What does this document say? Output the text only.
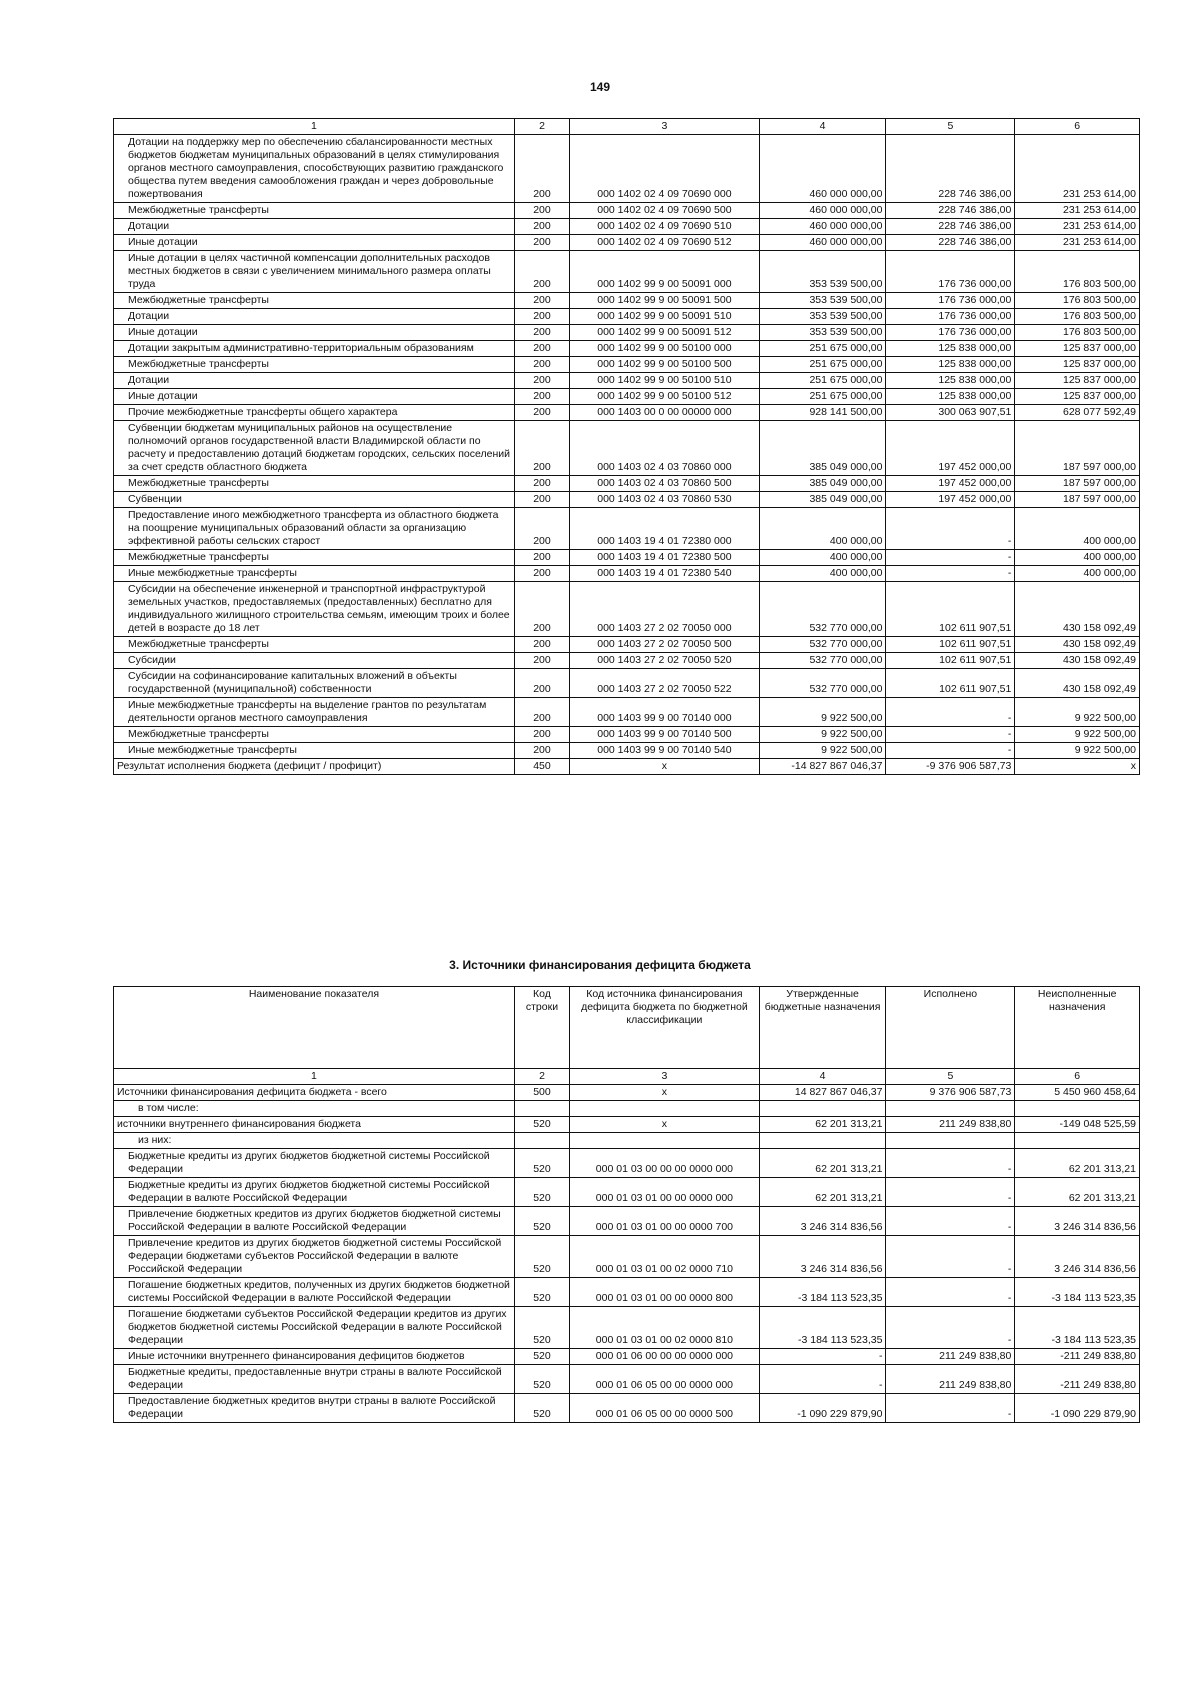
149
1	2	3	4	5	6
Дотации на поддержку мер по обеспечению сбалансированности местных бюджетов бюджетам муниципальных образований в целях стимулирования органов местного самоуправления, способствующих развитию гражданского общества путем введения самообложения граждан и через добровольные пожертвования	200	000 1402 02 4 09 70690 000	460 000 000,00	228 746 386,00	231 253 614,00
Межбюджетные трансферты	200	000 1402 02 4 09 70690 500	460 000 000,00	228 746 386,00	231 253 614,00
Дотации	200	000 1402 02 4 09 70690 510	460 000 000,00	228 746 386,00	231 253 614,00
Иные дотации	200	000 1402 02 4 09 70690 512	460 000 000,00	228 746 386,00	231 253 614,00
Иные дотации в целях частичной компенсации дополнительных расходов местных бюджетов в связи с увеличением минимального размера оплаты труда	200	000 1402 99 9 00 50091 000	353 539 500,00	176 736 000,00	176 803 500,00
Межбюджетные трансферты	200	000 1402 99 9 00 50091 500	353 539 500,00	176 736 000,00	176 803 500,00
Дотации	200	000 1402 99 9 00 50091 510	353 539 500,00	176 736 000,00	176 803 500,00
Иные дотации	200	000 1402 99 9 00 50091 512	353 539 500,00	176 736 000,00	176 803 500,00
Дотации закрытым административно-территориальным образованиям	200	000 1402 99 9 00 50100 000	251 675 000,00	125 838 000,00	125 837 000,00
Межбюджетные трансферты	200	000 1402 99 9 00 50100 500	251 675 000,00	125 838 000,00	125 837 000,00
Дотации	200	000 1402 99 9 00 50100 510	251 675 000,00	125 838 000,00	125 837 000,00
Иные дотации	200	000 1402 99 9 00 50100 512	251 675 000,00	125 838 000,00	125 837 000,00
Прочие межбюджетные трансферты общего характера	200	000 1403 00 0 00 00000 000	928 141 500,00	300 063 907,51	628 077 592,49
Субвенции бюджетам муниципальных районов на осуществление полномочий органов государственной власти Владимирской области по расчету и предоставлению дотаций бюджетам городских, сельских поселений за счет средств областного бюджета	200	000 1403 02 4 03 70860 000	385 049 000,00	197 452 000,00	187 597 000,00
Межбюджетные трансферты	200	000 1403 02 4 03 70860 500	385 049 000,00	197 452 000,00	187 597 000,00
Субвенции	200	000 1403 02 4 03 70860 530	385 049 000,00	197 452 000,00	187 597 000,00
Предоставление иного межбюджетного трансферта из областного бюджета на поощрение муниципальных образований области за организацию эффективной работы сельских старост	200	000 1403 19 4 01 72380 000	400 000,00	-	400 000,00
Межбюджетные трансферты	200	000 1403 19 4 01 72380 500	400 000,00	-	400 000,00
Иные межбюджетные трансферты	200	000 1403 19 4 01 72380 540	400 000,00	-	400 000,00
Субсидии на обеспечение инженерной и транспортной инфраструктурой земельных участков, предоставляемых (предоставленных) бесплатно для индивидуального жилищного строительства семьям, имеющим троих и более детей в возрасте до 18 лет	200	000 1403 27 2 02 70050 000	532 770 000,00	102 611 907,51	430 158 092,49
Межбюджетные трансферты	200	000 1403 27 2 02 70050 500	532 770 000,00	102 611 907,51	430 158 092,49
Субсидии	200	000 1403 27 2 02 70050 520	532 770 000,00	102 611 907,51	430 158 092,49
Субсидии на софинансирование капитальных вложений в объекты государственной (муниципальной) собственности	200	000 1403 27 2 02 70050 522	532 770 000,00	102 611 907,51	430 158 092,49
Иные межбюджетные трансферты на выделение грантов по результатам деятельности органов местного самоуправления	200	000 1403 99 9 00 70140 000	9 922 500,00	-	9 922 500,00
Межбюджетные трансферты	200	000 1403 99 9 00 70140 500	9 922 500,00	-	9 922 500,00
Иные межбюджетные трансферты	200	000 1403 99 9 00 70140 540	9 922 500,00	-	9 922 500,00
Результат исполнения бюджета (дефицит / профицит)	450	x	-14 827 867 046,37	-9 376 906 587,73	x
3. Источники финансирования дефицита бюджета
Наименование показателя	Код строки	Код источника финансирования дефицита бюджета по бюджетной классификации	Утвержденные бюджетные назначения	Исполнено	Неисполненные назначения
1	2	3	4	5	6
Источники финансирования дефицита бюджета - всего	500	x	14 827 867 046,37	9 376 906 587,73	5 450 960 458,64
в том числе:					
источники внутреннего финансирования бюджета	520	x	62 201 313,21	211 249 838,80	-149 048 525,59
из них:					
Бюджетные кредиты из других бюджетов бюджетной системы Российской Федерации	520	000 01 03 00 00 00 0000 000	62 201 313,21	-	62 201 313,21
Бюджетные кредиты из других бюджетов бюджетной системы Российской Федерации в валюте Российской Федерации	520	000 01 03 01 00 00 0000 000	62 201 313,21	-	62 201 313,21
Привлечение бюджетных кредитов из других бюджетов бюджетной системы Российской Федерации в валюте Российской Федерации	520	000 01 03 01 00 00 0000 700	3 246 314 836,56	-	3 246 314 836,56
Привлечение кредитов из других бюджетов бюджетной системы Российской Федерации бюджетами субъектов Российской Федерации в валюте Российской Федерации	520	000 01 03 01 00 02 0000 710	3 246 314 836,56	-	3 246 314 836,56
Погашение бюджетных кредитов, полученных из других бюджетов бюджетной системы Российской Федерации в валюте Российской Федерации	520	000 01 03 01 00 00 0000 800	-3 184 113 523,35	-	-3 184 113 523,35
Погашение бюджетами субъектов Российской Федерации кредитов из других бюджетов бюджетной системы Российской Федерации в валюте Российской Федерации	520	000 01 03 01 00 02 0000 810	-3 184 113 523,35	-	-3 184 113 523,35
Иные источники внутреннего финансирования дефицитов бюджетов	520	000 01 06 00 00 00 0000 000	-	211 249 838,80	-211 249 838,80
Бюджетные кредиты, предоставленные внутри страны в валюте Российской Федерации	520	000 01 06 05 00 00 0000 000	-	211 249 838,80	-211 249 838,80
Предоставление бюджетных кредитов внутри страны в валюте Российской Федерации	520	000 01 06 05 00 00 0000 500	-1 090 229 879,90	-	-1 090 229 879,90
